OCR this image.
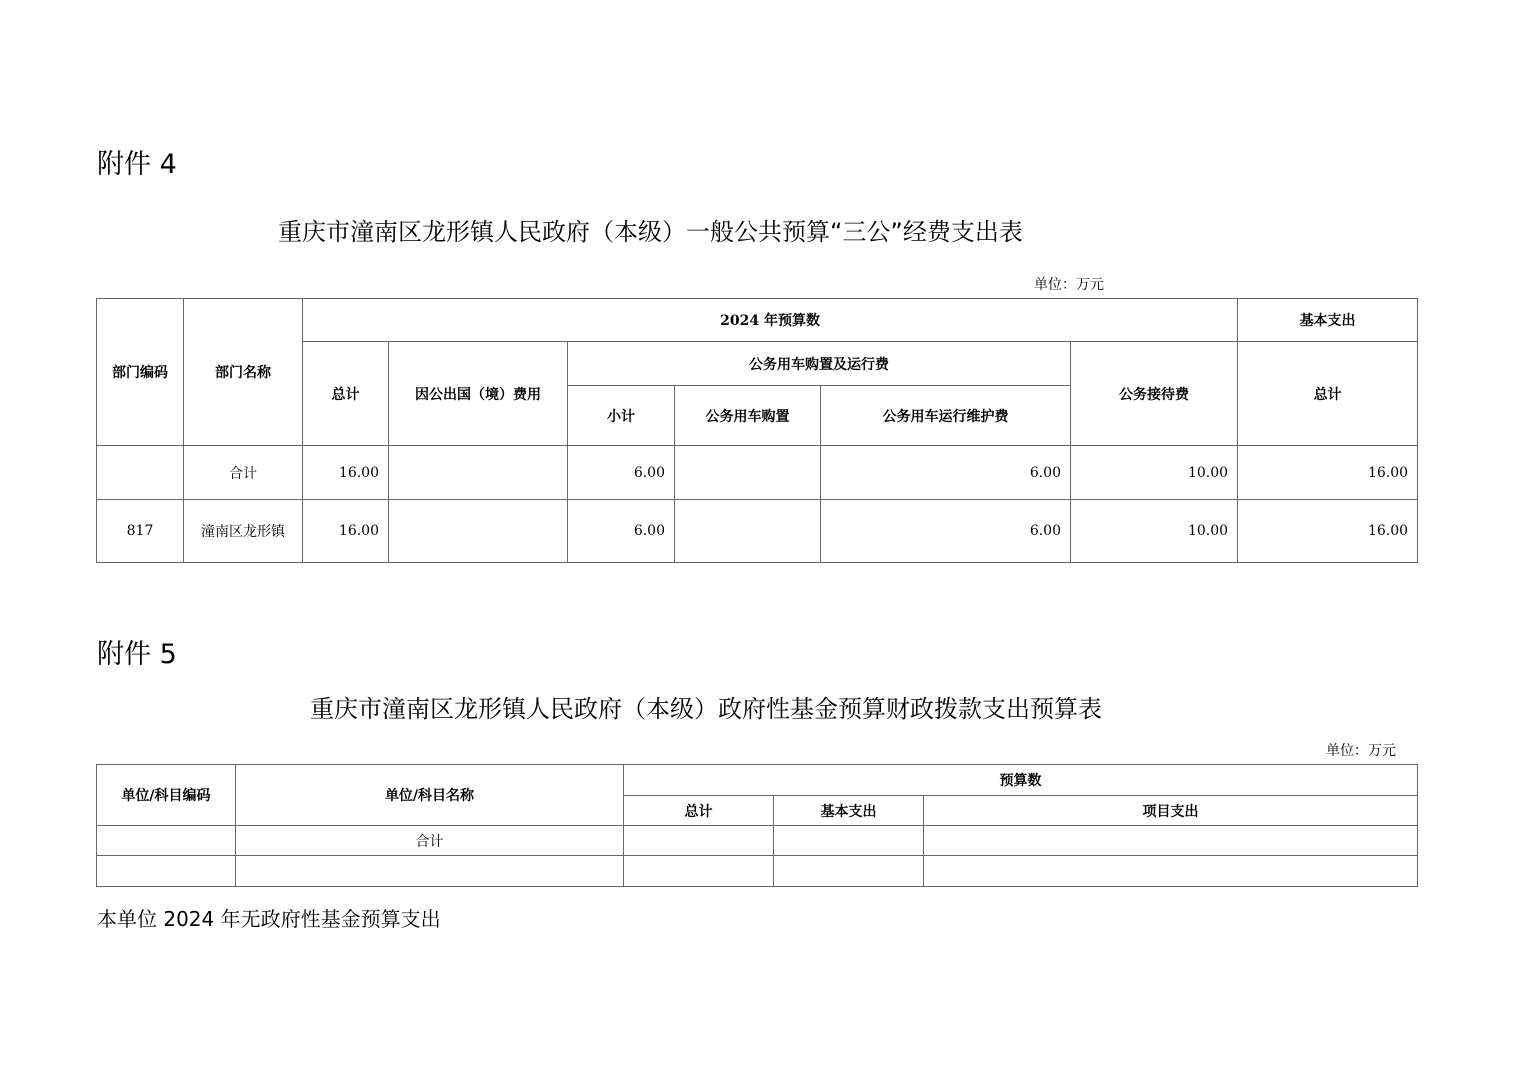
附件 4
重庆市潼南区龙形镇人民政府（本级）一般公共预算“三公”经费支出表
单位：万元
部门编码	部门名称	2024 年预算数						基本支出
		总计	因公出国（境）费用	公务用车购置及运行费			公务接待费	总计
				小计	公务用车购置	公务用车运行维护费		
	合计	16.00		6.00		6.00	10.00	16.00
817	潼南区龙形镇	16.00		6.00		6.00	10.00	16.00
附件 5
重庆市潼南区龙形镇人民政府（本级）政府性基金预算财政拨款支出预算表
单位：万元
单位/科目编码	单位/科目名称	预算数		
		总计	基本支出	项目支出
	合计			

本单位 2024 年无政府性基金预算支出
